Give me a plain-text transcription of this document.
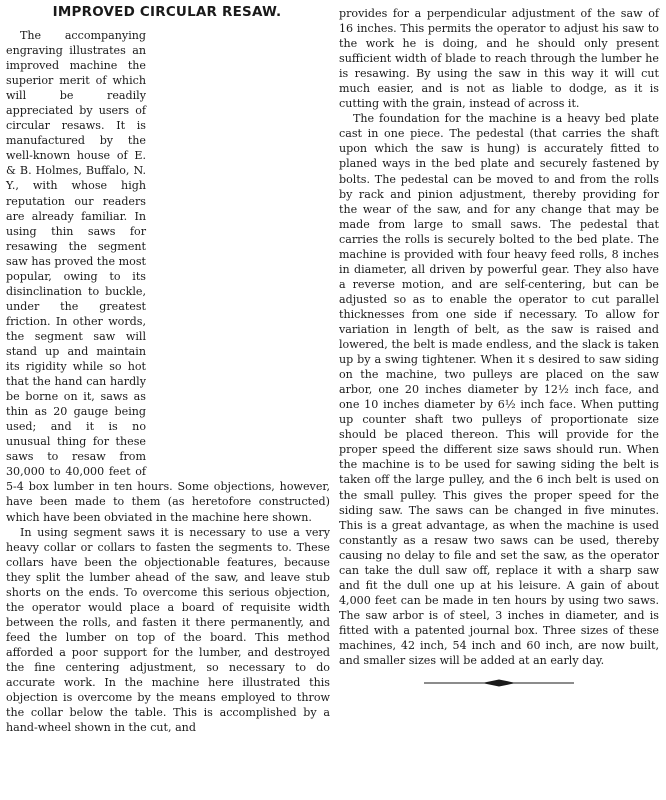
IMPROVED CIRCULAR RESAW.

The accompanying engraving illustrates an improved machine the superior merit of which will be readily appreciated by users of circular resaws. It is manufactured by the well-known house of E. & B. Holmes, Buffalo, N. Y., with whose high reputation our readers are already familiar. In using thin saws for resawing the segment saw has proved the most popular, owing to its disinclination to buckle, under the greatest friction. In other words, the segment saw will stand up and maintain its rigidity while so hot that the hand can hardly be borne on it, saws as thin as 20 gauge being used; and it is no unusual thing for these saws to resaw from 30,000 to 40,000 feet of 5-4 box lumber in ten hours. Some objections, however, have been made to them (as heretofore constructed) which have been obviated in the machine here shown.

In using segment saws it is necessary to use a very heavy collar or collars to fasten the segments to. These collars have been the objectionable features, because they split the lumber ahead of the saw, and leave stub shorts on the ends. To overcome this serious objection, the operator would place a board of requisite width between the rolls, and fasten it there permanently, and feed the lumber on top of the board. This method afforded a poor support for the lumber, and destroyed the fine centering adjustment, so necessary to do accurate work. In the machine here illustrated this objection is overcome by the means employed to throw the collar below the table. This is accomplished by a hand-wheel shown in the cut, and

provides for a perpendicular adjustment of the saw of 16 inches. This permits the operator to adjust his saw to the work he is doing, and he should only present sufficient width of blade to reach through the lumber he is resawing. By using the saw in this way it will cut much easier, and is not as liable to dodge, as it is cutting with the grain, instead of across it.

The foundation for the machine is a heavy bed plate cast in one piece. The pedestal (that carries the shaft upon which the saw is hung) is accurately fitted to planed ways in the bed plate and securely fastened by bolts. The pedestal can be moved to and from the rolls by rack and pinion adjustment, thereby providing for the wear of the saw, and for any change that may be made from large to small saws. The pedestal that carries the rolls is securely bolted to the bed plate. The machine is provided with four heavy feed rolls, 8 inches in diameter, all driven by powerful gear. They also have a reverse motion, and are self-centering, but can be adjusted so as to enable the operator to cut parallel thicknesses from one side if necessary. To allow for variation in length of belt, as the saw is raised and lowered, the belt is made endless, and the slack is taken up by a swing tightener. When it s desired to saw siding on the machine, two pulleys are placed on the saw arbor, one 20 inches diameter by 12½ inch face, and one 10 inches diameter by 6½ inch face. When putting up counter shaft two pulleys of proportionate size should be placed thereon. This will provide for the proper speed the different size saws should run. When the machine is to be used for sawing siding the belt is taken off the large pulley, and the 6 inch belt is used on the small pulley. This gives the proper speed for the siding saw. The saws can be changed in five minutes. This is a great advantage, as when the machine is used constantly as a resaw two saws can be used, thereby causing no delay to file and set the saw, as the operator can take the dull saw off, replace it with a sharp saw and fit the dull one up at his leisure. A gain of about 4,000 feet can be made in ten hours by using two saws. The saw arbor is of steel, 3 inches in diameter, and is fitted with a patented journal box. Three sizes of these machines, 42 inch, 54 inch and 60 inch, are now built, and smaller sizes will be added at an early day.
